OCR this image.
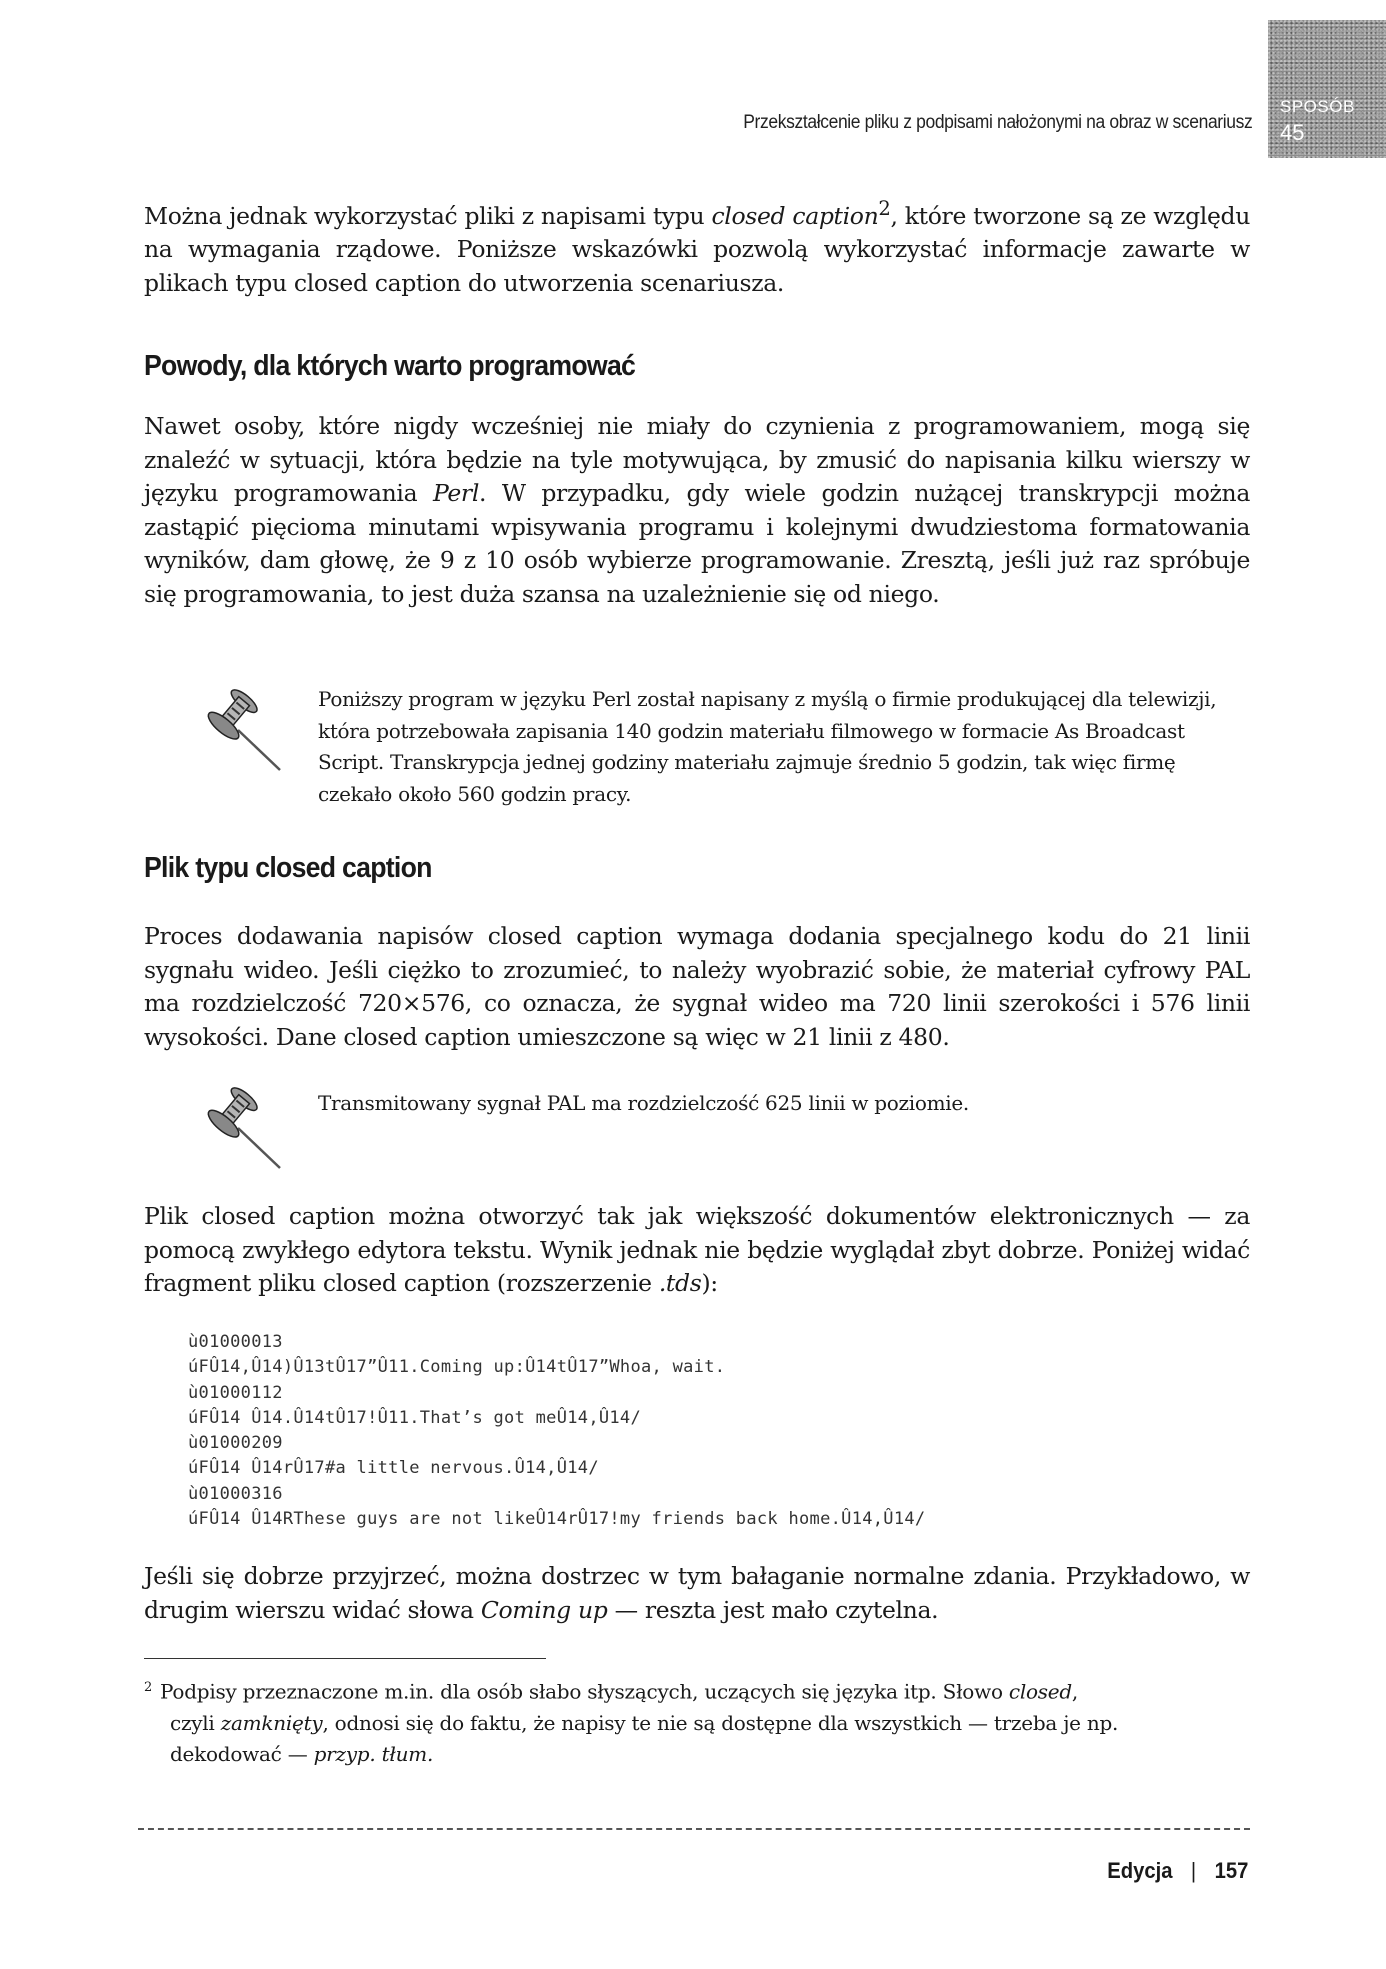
SPOSÓB
45

Przekształcenie pliku z podpisami nałożonymi na obraz w scenariusz

Można jednak wykorzystać pliki z napisami typu closed caption$^2$, które tworzone są ze względu na wymagania rządowe. Poniższe wskazówki pozwolą wykorzystać informacje zawarte w plikach typu closed caption do utworzenia scenariusza.

Powody, dla których warto programować

Nawet osoby, które nigdy wcześniej nie miały do czynienia z programowaniem, mogą się znaleźć w sytuacji, która będzie na tyle motywująca, by zmusić do napisania kilku wierszy w języku programowania Perl. W przypadku, gdy wiele godzin nużącej transkrypcji można zastąpić pięcioma minutami wpisywania programu i kolejnymi dwudziestoma formatowania wyników, dam głowę, że 9 z 10 osób wybierze programowanie. Zresztą, jeśli już raz spróbuje się programowania, to jest duża szansa na uzależnienie się od niego.

Poniższy program w języku Perl został napisany z myślą o firmie produkującej dla telewizji, która potrzebowała zapisania 140 godzin materiału filmowego w formacie As Broadcast Script. Transkrypcja jednej godziny materiału zajmuje średnio 5 godzin, tak więc firmę czekało około 560 godzin pracy.

Plik typu closed caption

Proces dodawania napisów closed caption wymaga dodania specjalnego kodu do 21 linii sygnału wideo. Jeśli ciężko to zrozumieć, to należy wyobrazić sobie, że materiał cyfrowy PAL ma rozdzielczość 720×576, co oznacza, że sygnał wideo ma 720 linii szerokości i 576 linii wysokości. Dane closed caption umieszczone są więc w 21 linii z 480.

Transmitowany sygnał PAL ma rozdzielczość 625 linii w poziomie.

Plik closed caption można otworzyć tak jak większość dokumentów elektronicznych — za pomocą zwykłego edytora tekstu. Wynik jednak nie będzie wyglądał zbyt dobrze. Poniżej widać fragment pliku closed caption (rozszerzenie .tds):

ù01000013
úFÛ14,Û14)Û13tÛ17”Û11.Coming up:Û14tÛ17”Whoa, wait.
ù01000112
úFÛ14 Û14.Û14tÛ17!Û11.That’s got meÛ14,Û14/
ù01000209
úFÛ14 Û14rÛ17#a little nervous.Û14,Û14/
ù01000316
úFÛ14 Û14RThese guys are not likeÛ14rÛ17!my friends back home.Û14,Û14/

Jeśli się dobrze przyjrzeć, można dostrzec w tym bałaganie normalne zdania. Przykładowo, w drugim wierszu widać słowa Coming up — reszta jest mało czytelna.

$^2$ Podpisy przeznaczone m.in. dla osób słabo słyszących, uczących się języka itp. Słowo closed,
czyli zamknięty, odnosi się do faktu, że napisy te nie są dostępne dla wszystkich — trzeba je np.
dekodować — przyp. tłum.

Edycja | 157
